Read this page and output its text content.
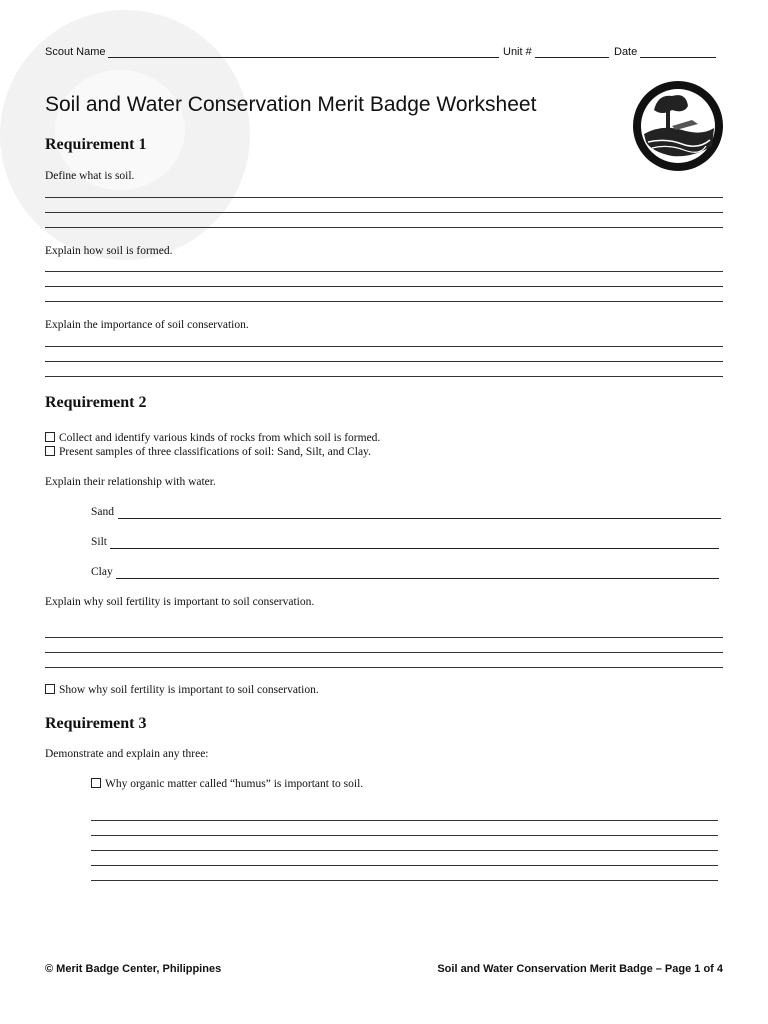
Scout Name	Unit #	Date
Soil and Water Conservation Merit Badge Worksheet
Requirement 1
Define what is soil.
Explain how soil is formed.
Explain the importance of soil conservation.
Requirement 2
Collect and identify various kinds of rocks from which soil is formed.
Present samples of three classifications of soil: Sand, Silt, and Clay.
Explain their relationship with water.
Sand
Silt
Clay
Explain why soil fertility is important to soil conservation.
Show why soil fertility is important to soil conservation.
Requirement 3
Demonstrate and explain any three:
Why organic matter called “humus” is important to soil.
© Merit Badge Center, Philippines	Soil and Water Conservation Merit Badge – Page 1 of 4
